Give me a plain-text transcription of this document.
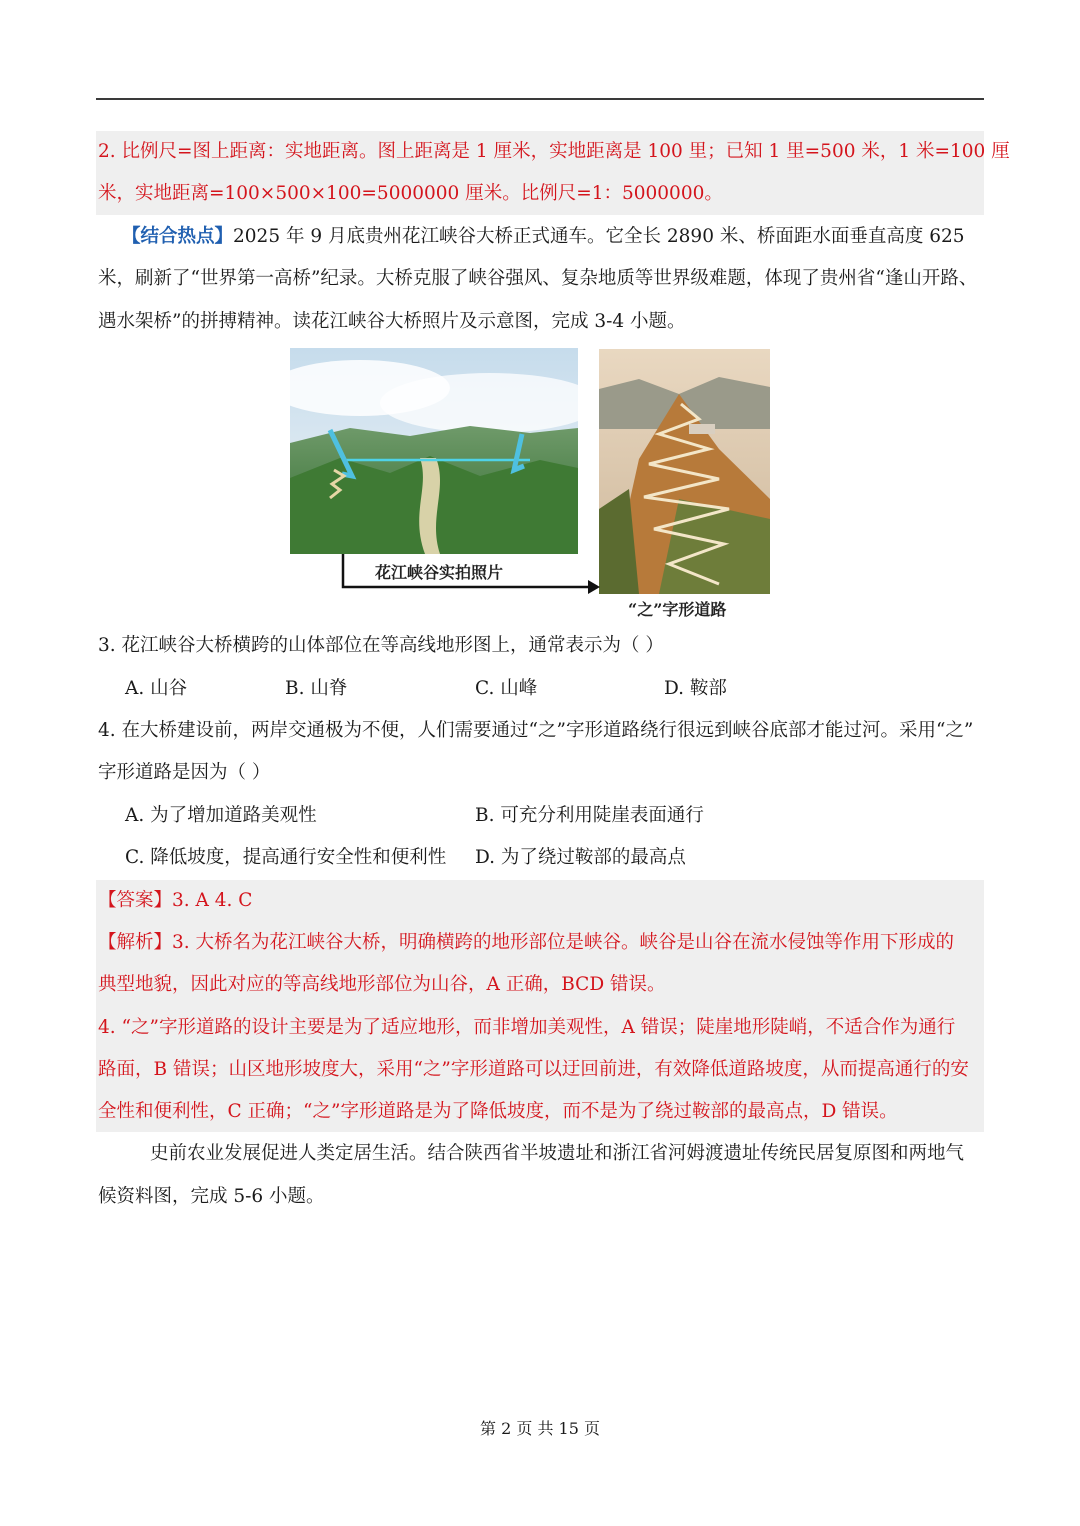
2. 比例尺=图上距离：实地距离。图上距离是 1 厘米，实地距离是 100 里；已知 1 里=500 米，1 米=100 厘
米，实地距离=100×500×100=5000000 厘米。比例尺=1：5000000。
【结合热点】2025 年 9 月底贵州花江峡谷大桥正式通车。它全长 2890 米、桥面距水面垂直高度 625
米，刷新了“世界第一高桥”纪录。大桥克服了峡谷强风、复杂地质等世界级难题，体现了贵州省“逢山开路、
遇水架桥”的拼搏精神。读花江峡谷大桥照片及示意图，完成 3-4 小题。
花江峡谷实拍照片
“之”字形道路
3. 花江峡谷大桥横跨的山体部位在等高线地形图上，通常表示为（ ）
A. 山谷	B. 山脊	C. 山峰	D. 鞍部
4. 在大桥建设前，两岸交通极为不便，人们需要通过“之”字形道路绕行很远到峡谷底部才能过河。采用“之”
字形道路是因为（ ）
A. 为了增加道路美观性	B. 可充分利用陡崖表面通行
C. 降低坡度，提高通行安全性和便利性 D. 为了绕过鞍部的最高点
【答案】3. A 4. C
【解析】3. 大桥名为花江峡谷大桥，明确横跨的地形部位是峡谷。峡谷是山谷在流水侵蚀等作用下形成的
典型地貌，因此对应的等高线地形部位为山谷，A 正确，BCD 错误。
4. “之”字形道路的设计主要是为了适应地形，而非增加美观性，A 错误；陡崖地形陡峭，不适合作为通行
路面，B 错误；山区地形坡度大，采用“之”字形道路可以迂回前进，有效降低道路坡度，从而提高通行的安
全性和便利性，C 正确；“之”字形道路是为了降低坡度，而不是为了绕过鞍部的最高点，D 错误。
史前农业发展促进人类定居生活。结合陕西省半坡遗址和浙江省河姆渡遗址传统民居复原图和两地气
候资料图，完成 5-6 小题。
第 2 页 共 15 页
